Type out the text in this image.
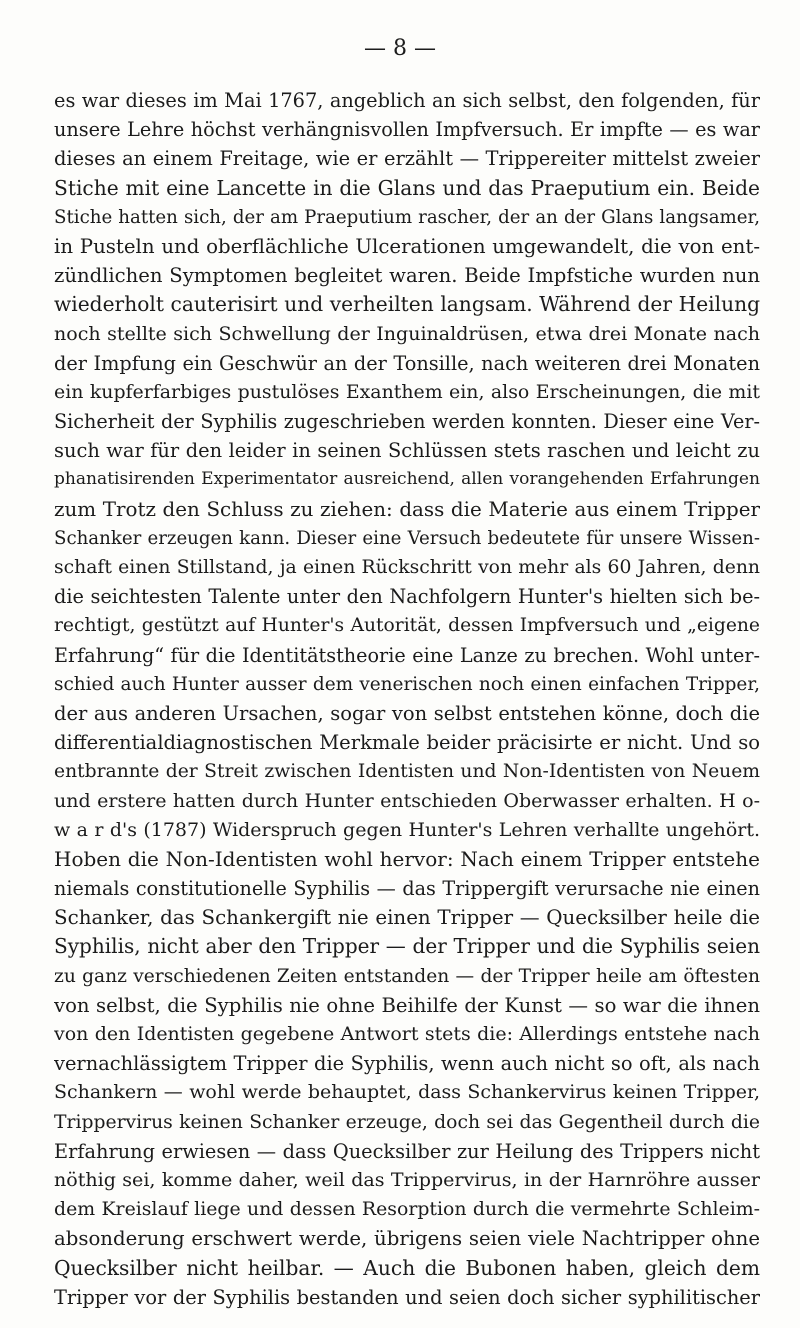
— 8 —
es war dieses im Mai 1767, angeblich an sich selbst, den folgenden, für
unsere Lehre höchst verhängnisvollen Impfversuch. Er impfte — es war
dieses an einem Freitage, wie er erzählt — Trippereiter mittelst zweier
Stiche mit eine Lancette in die Glans und das Praeputium ein. Beide
Stiche hatten sich, der am Praeputium rascher, der an der Glans langsamer,
in Pusteln und oberflächliche Ulcerationen umgewandelt, die von ent-
zündlichen Symptomen begleitet waren. Beide Impfstiche wurden nun
wiederholt cauterisirt und verheilten langsam. Während der Heilung
noch stellte sich Schwellung der Inguinaldrüsen, etwa drei Monate nach
der Impfung ein Geschwür an der Tonsille, nach weiteren drei Monaten
ein kupferfarbiges pustulöses Exanthem ein, also Erscheinungen, die mit
Sicherheit der Syphilis zugeschrieben werden konnten. Dieser eine Ver-
such war für den leider in seinen Schlüssen stets raschen und leicht zu
phanatisirenden Experimentator ausreichend, allen vorangehenden Erfahrungen
zum Trotz den Schluss zu ziehen: dass die Materie aus einem Tripper
Schanker erzeugen kann. Dieser eine Versuch bedeutete für unsere Wissen-
schaft einen Stillstand, ja einen Rückschritt von mehr als 60 Jahren, denn
die seichtesten Talente unter den Nachfolgern Hunter's hielten sich be-
rechtigt, gestützt auf Hunter's Autorität, dessen Impfversuch und „eigene
Erfahrung“ für die Identitätstheorie eine Lanze zu brechen. Wohl unter-
schied auch Hunter ausser dem venerischen noch einen einfachen Tripper,
der aus anderen Ursachen, sogar von selbst entstehen könne, doch die
differentialdiagnostischen Merkmale beider präcisirte er nicht. Und so
entbrannte der Streit zwischen Identisten und Non-Identisten von Neuem
und erstere hatten durch Hunter entschieden Oberwasser erhalten. H o-
w a r d's (1787) Widerspruch gegen Hunter's Lehren verhallte ungehört.
Hoben die Non-Identisten wohl hervor: Nach einem Tripper entstehe
niemals constitutionelle Syphilis — das Trippergift verursache nie einen
Schanker, das Schankergift nie einen Tripper — Quecksilber heile die
Syphilis, nicht aber den Tripper — der Tripper und die Syphilis seien
zu ganz verschiedenen Zeiten entstanden — der Tripper heile am öftesten
von selbst, die Syphilis nie ohne Beihilfe der Kunst — so war die ihnen
von den Identisten gegebene Antwort stets die: Allerdings entstehe nach
vernachlässigtem Tripper die Syphilis, wenn auch nicht so oft, als nach
Schankern — wohl werde behauptet, dass Schankervirus keinen Tripper,
Trippervirus keinen Schanker erzeuge, doch sei das Gegentheil durch die
Erfahrung erwiesen — dass Quecksilber zur Heilung des Trippers nicht
nöthig sei, komme daher, weil das Trippervirus, in der Harnröhre ausser
dem Kreislauf liege und dessen Resorption durch die vermehrte Schleim-
absonderung erschwert werde, übrigens seien viele Nachtripper ohne
Quecksilber nicht heilbar. — Auch die Bubonen haben, gleich dem
Tripper vor der Syphilis bestanden und seien doch sicher syphilitischer
